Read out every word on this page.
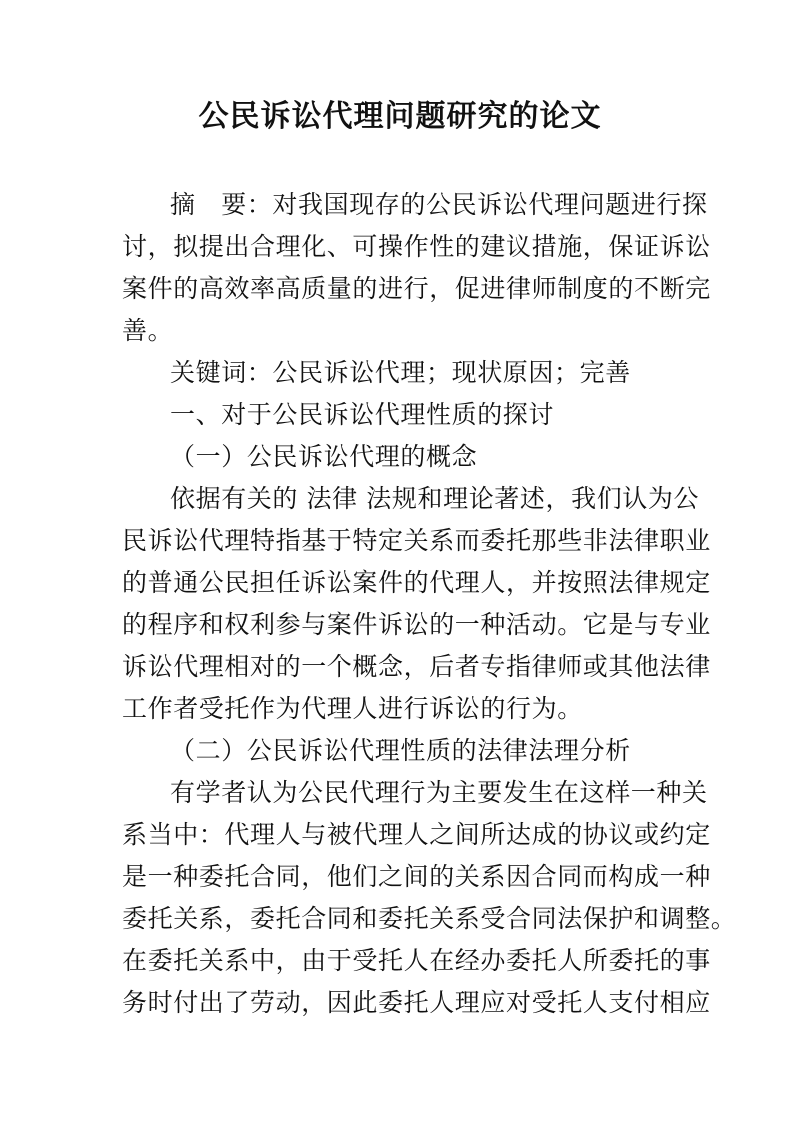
公民诉讼代理问题研究的论文
摘　要：对我国现存的公民诉讼代理问题进行探
讨，拟提出合理化、可操作性的建议措施，保证诉讼
案件的高效率高质量的进行，促进律师制度的不断完
善。
关键词：公民诉讼代理；现状原因；完善
一、对于公民诉讼代理性质的探讨
（一）公民诉讼代理的概念
依据有关的 法律 法规和理论著述，我们认为公
民诉讼代理特指基于特定关系而委托那些非法律职业
的普通公民担任诉讼案件的代理人，并按照法律规定
的程序和权利参与案件诉讼的一种活动。它是与专业
诉讼代理相对的一个概念，后者专指律师或其他法律
工作者受托作为代理人进行诉讼的行为。
（二）公民诉讼代理性质的法律法理分析
有学者认为公民代理行为主要发生在这样一种关
系当中：代理人与被代理人之间所达成的协议或约定
是一种委托合同，他们之间的关系因合同而构成一种
委托关系，委托合同和委托关系受合同法保护和调整。
在委托关系中，由于受托人在经办委托人所委托的事
务时付出了劳动，因此委托人理应对受托人支付相应
